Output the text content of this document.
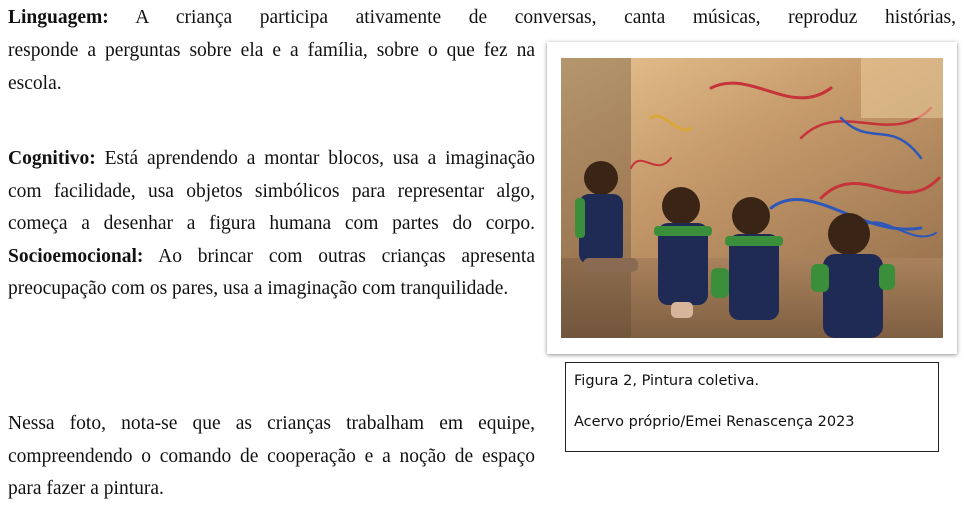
Linguagem: A criança participa ativamente de conversas, canta músicas, reproduz histórias,
responde a perguntas sobre ela e a família, sobre o que fez na escola.
Cognitivo: Está aprendendo a montar blocos, usa a imaginação com facilidade, usa objetos simbólicos para representar algo, começa a desenhar a figura humana com partes do corpo. Socioemocional: Ao brincar com outras crianças apresenta preocupação com os pares, usa a imaginação com tranquilidade.
Nessa foto, nota-se que as crianças trabalham em equipe, compreendendo o comando de cooperação e a noção de espaço para fazer a pintura.
Figura 2, Pintura coletiva.
Acervo próprio/Emei Renascença 2023
